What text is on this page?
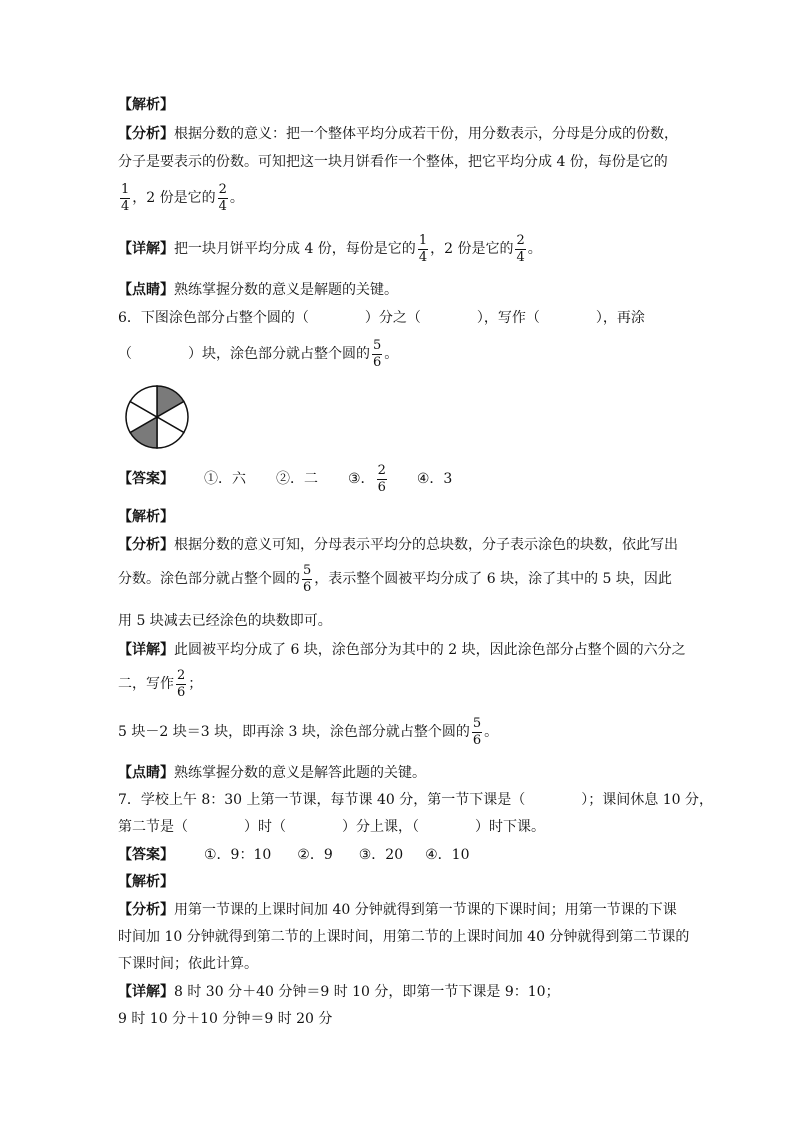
【解析】
【分析】根据分数的意义：把一个整体平均分成若干份，用分数表示，分母是分成的份数，
分子是要表示的份数。可知把这一块月饼看作一个整体，把它平均分成 4 份，每份是它的
$\frac{1}{4}$ ，2 份是它的 $\frac{2}{4}$ 。
【详解】把一块月饼平均分成 4 份，每份是它的 $\frac{1}{4}$ ，2 份是它的 $\frac{2}{4}$ 。
【点睛】熟练掌握分数的意义是解题的关键。
6．下图涂色部分占整个圆的（	）分之（	），写作（	），再涂
（	）块，涂色部分就占整个圆的 $\frac{5}{6}$ 。
【答案】 ①．六 ②．二 ③． $\frac{2}{6}$ ④．3
【解析】
【分析】根据分数的意义可知，分母表示平均分的总块数，分子表示涂色的块数，依此写出
分数。涂色部分就占整个圆的 $\frac{5}{6}$ ，表示整个圆被平均分成了 6 块，涂了其中的 5 块，因此
用 5 块减去已经涂色的块数即可。
【详解】此圆被平均分成了 6 块，涂色部分为其中的 2 块，因此涂色部分占整个圆的六分之
二，写作 $\frac{2}{6}$ ；
5 块－2 块＝3 块，即再涂 3 块，涂色部分就占整个圆的 $\frac{5}{6}$ 。
【点睛】熟练掌握分数的意义是解答此题的关键。
7．学校上午 8：30 上第一节课，每节课 40 分，第一节下课是（	）；课间休息 10 分，
第二节是（	）时（	）分上课，（	）时下课。
【答案】 ①．9：10 ②．9 ③．20 ④．10
【解析】
【分析】用第一节课的上课时间加 40 分钟就得到第一节课的下课时间；用第一节课的下课
时间加 10 分钟就得到第二节的上课时间，用第二节的上课时间加 40 分钟就得到第二节课的
下课时间；依此计算。
【详解】8 时 30 分＋40 分钟＝9 时 10 分，即第一节下课是 9：10；
9 时 10 分＋10 分钟＝9 时 20 分
